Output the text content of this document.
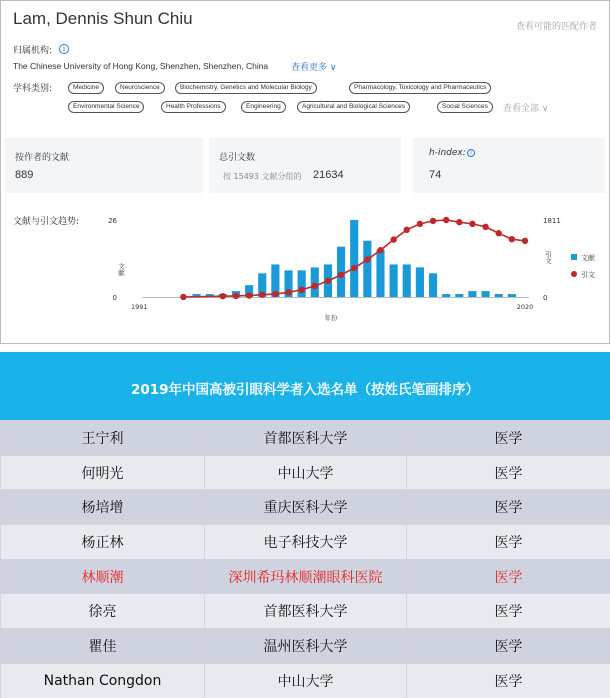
Lam, Dennis Shun Chiu	查看可能的匹配作者
归属机构:	i
The Chinese University of Hong Kong, Shenzhen, Shenzhen, China	查看更多 ∨
学科类别:	Medicine	Neuroscience	Biochemistry, Genetics and Molecular Biology	Pharmacology, Toxicology and Pharmaceutics
Environmental Science	Health Professions	Engineering	Agricultural and Biological Sciences	Social Sciences	查看全部 ∨
按作者的文献
889
总引文数
按 15493 文献分组的 21634
h-index: i
74
文献与引文趋势:	26
0
1811
0
文献
引文
1991	2020
年份
文献
引文
2019年中国高被引眼科学者入选名单（按姓氏笔画排序）
王宁利	首都医科大学	医学
何明光	中山大学	医学
杨培增	重庆医科大学	医学
杨正林	电子科技大学	医学
林顺潮	深圳希玛林顺潮眼科医院	医学
徐亮	首都医科大学	医学
瞿佳	温州医科大学	医学
Nathan Congdon	中山大学	医学
